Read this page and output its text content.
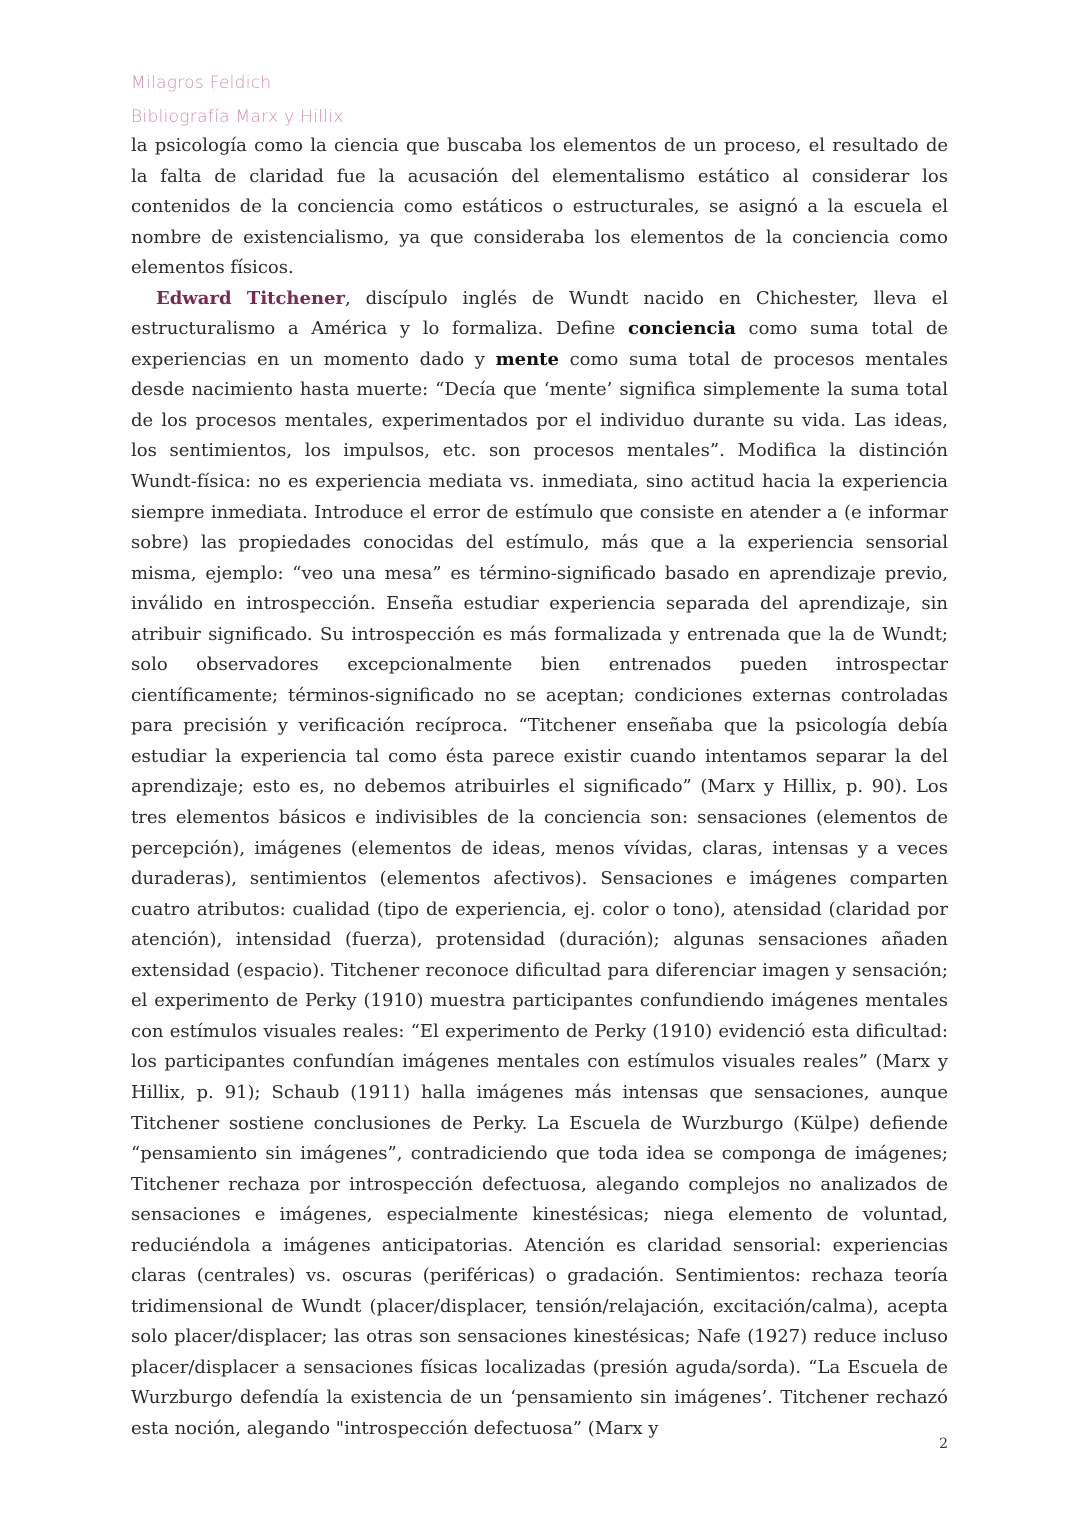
Milagros Feldich
Bibliografía Marx y Hillix

la psicología como la ciencia que buscaba los elementos de un proceso, el resultado de la falta de claridad fue la acusación del elementalismo estático al considerar los contenidos de la conciencia como estáticos o estructurales, se asignó a la escuela el nombre de existencialismo, ya que consideraba los elementos de la conciencia como elementos físicos.

Edward Titchener, discípulo inglés de Wundt nacido en Chichester, lleva el estructuralismo a América y lo formaliza. Define conciencia como suma total de experiencias en un momento dado y mente como suma total de procesos mentales desde nacimiento hasta muerte: “Decía que ‘mente’ significa simplemente la suma total de los procesos mentales, experimentados por el individuo durante su vida. Las ideas, los sentimientos, los impulsos, etc. son procesos mentales”. Modifica la distinción Wundt-física: no es experiencia mediata vs. inmediata, sino actitud hacia la experiencia siempre inmediata. Introduce el error de estímulo que consiste en atender a (e informar sobre) las propiedades conocidas del estímulo, más que a la experiencia sensorial misma, ejemplo: “veo una mesa” es término-significado basado en aprendizaje previo, inválido en introspección. Enseña estudiar experiencia separada del aprendizaje, sin atribuir significado. Su introspección es más formalizada y entrenada que la de Wundt; solo observadores excepcionalmente bien entrenados pueden introspectar científicamente; términos-significado no se aceptan; condiciones externas controladas para precisión y verificación recíproca. “Titchener enseñaba que la psicología debía estudiar la experiencia tal como ésta parece existir cuando intentamos separar la del aprendizaje; esto es, no debemos atribuirles el significado” (Marx y Hillix, p. 90). Los tres elementos básicos e indivisibles de la conciencia son: sensaciones (elementos de percepción), imágenes (elementos de ideas, menos vívidas, claras, intensas y a veces duraderas), sentimientos (elementos afectivos). Sensaciones e imágenes comparten cuatro atributos: cualidad (tipo de experiencia, ej. color o tono), atensidad (claridad por atención), intensidad (fuerza), protensidad (duración); algunas sensaciones añaden extensidad (espacio). Titchener reconoce dificultad para diferenciar imagen y sensación; el experimento de Perky (1910) muestra participantes confundiendo imágenes mentales con estímulos visuales reales: “El experimento de Perky (1910) evidenció esta dificultad: los participantes confundían imágenes mentales con estímulos visuales reales” (Marx y Hillix, p. 91); Schaub (1911) halla imágenes más intensas que sensaciones, aunque Titchener sostiene conclusiones de Perky. La Escuela de Wurzburgo (Külpe) defiende “pensamiento sin imágenes”, contradiciendo que toda idea se componga de imágenes; Titchener rechaza por introspección defectuosa, alegando complejos no analizados de sensaciones e imágenes, especialmente kinestésicas; niega elemento de voluntad, reduciéndola a imágenes anticipatorias. Atención es claridad sensorial: experiencias claras (centrales) vs. oscuras (periféricas) o gradación. Sentimientos: rechaza teoría tridimensional de Wundt (placer/displacer, tensión/relajación, excitación/calma), acepta solo placer/displacer; las otras son sensaciones kinestésicas; Nafe (1927) reduce incluso placer/displacer a sensaciones físicas localizadas (presión aguda/sorda). “La Escuela de Wurzburgo defendía la existencia de un ‘pensamiento sin imágenes’. Titchener rechazó esta noción, alegando "introspección defectuosa” (Marx y

2
